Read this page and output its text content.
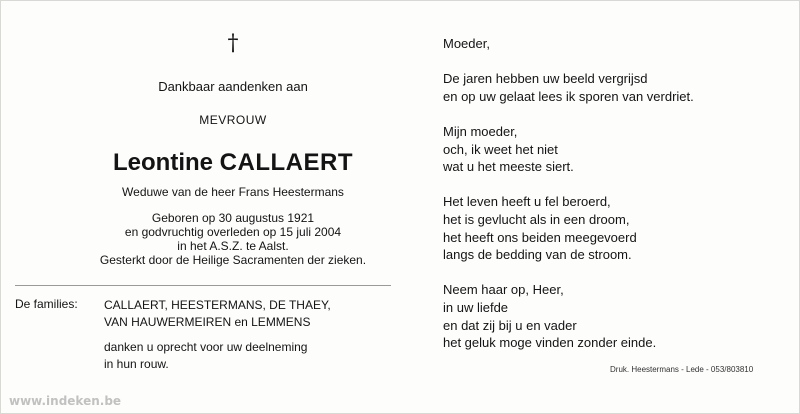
†
Dankbaar aandenken aan
MEVROUW
Leontine CALLAERT
Weduwe van de heer Frans Heestermans
Geboren op 30 augustus 1921
en godvruchtig overleden op 15 juli 2004
in het A.S.Z. te Aalst.
Gesterkt door de Heilige Sacramenten der zieken.
De families: CALLAERT, HEESTERMANS, DE THAEY,
VAN HAUWERMEIREN en LEMMENS
danken u oprecht voor uw deelneming
in hun rouw.
Moeder,
De jaren hebben uw beeld vergrijsd
en op uw gelaat lees ik sporen van verdriet.
Mijn moeder,
och, ik weet het niet
wat u het meeste siert.
Het leven heeft u fel beroerd,
het is gevlucht als in een droom,
het heeft ons beiden meegevoerd
langs de bedding van de stroom.
Neem haar op, Heer,
in uw liefde
en dat zij bij u en vader
het geluk moge vinden zonder einde.
Druk. Heestermans - Lede - 053/803810
www.indeken.be
